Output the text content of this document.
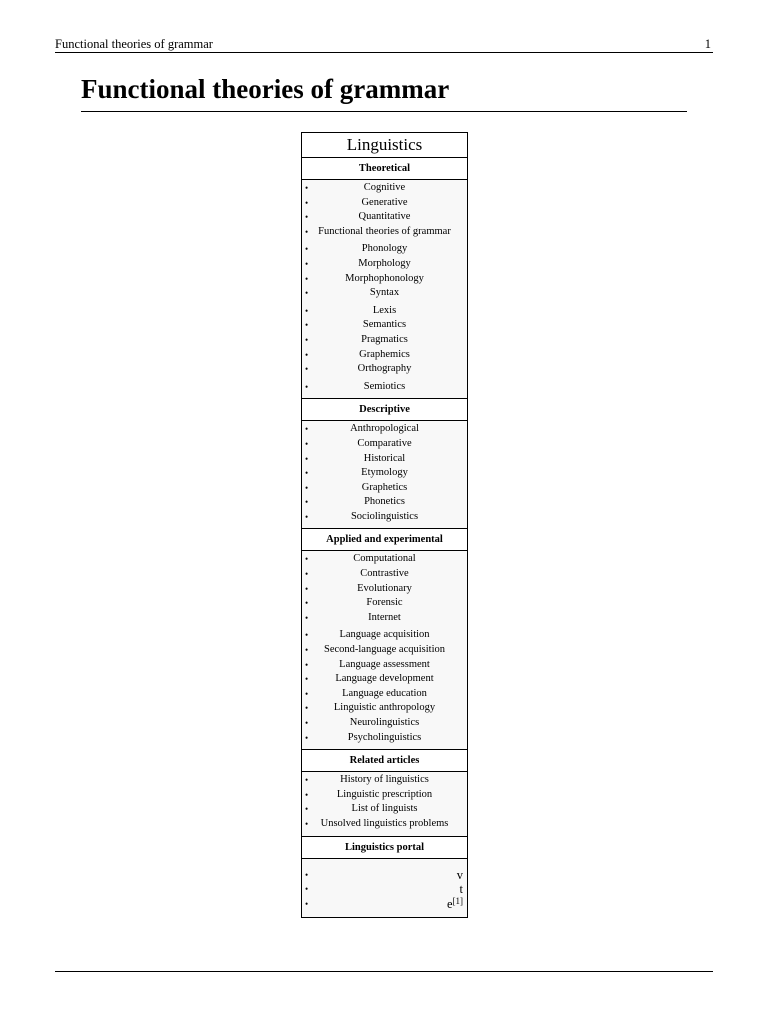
Functional theories of grammar	1
Functional theories of grammar
Linguistics
Theoretical
•	Cognitive
•	Generative
•	Quantitative
• Functional theories of grammar
•	Phonology
•	Morphology
•	Morphophonology
•	Syntax
•	Lexis
•	Semantics
•	Pragmatics
•	Graphemics
•	Orthography
•	Semiotics
Descriptive
•	Anthropological
•	Comparative
•	Historical
•	Etymology
•	Graphetics
•	Phonetics
•	Sociolinguistics
Applied and experimental
•	Computational
•	Contrastive
•	Evolutionary
•	Forensic
•	Internet
•	Language acquisition
• Second-language acquisition
•	Language assessment
•	Language development
•	Language education
• Linguistic anthropology
•	Neurolinguistics
•	Psycholinguistics
Related articles
•	History of linguistics
•	Linguistic prescription
•	List of linguists
• Unsolved linguistics problems
Linguistics portal
•	v
•	t
•	e[1]
